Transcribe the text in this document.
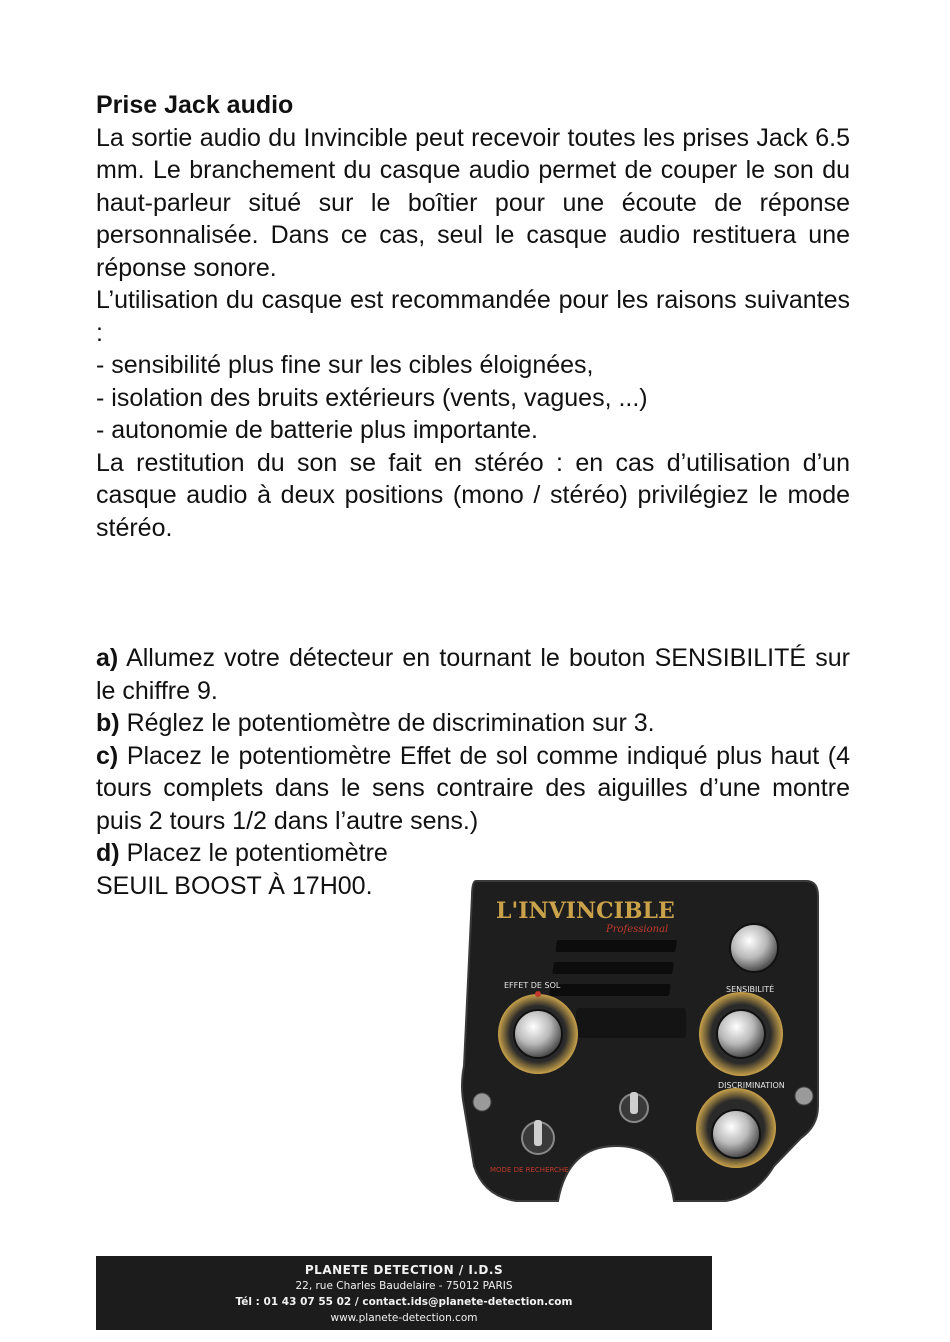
Prise Jack audio
La sortie audio du Invincible peut recevoir toutes les prises Jack 6.5 mm. Le branchement du casque audio permet de couper le son du haut-parleur situé sur le boîtier pour une écoute de réponse personnalisée. Dans ce cas, seul le casque audio restituera une réponse sonore.
L’utilisation du casque est recommandée pour les raisons suivantes :
- sensibilité plus fine sur les cibles éloignées,
- isolation des bruits extérieurs (vents, vagues, ...)
- autonomie de batterie plus importante.
La restitution du son se fait en stéréo : en cas d’utilisation d’un casque audio à deux positions (mono / stéréo) privilégiez le mode stéréo.
a) Allumez votre détecteur en tournant le bouton SENSIBILITÉ sur le chiffre 9.
b) Réglez le potentiomètre de discrimination sur 3.
c) Placez le potentiomètre Effet de sol comme indiqué plus haut (4 tours complets dans le sens contraire des aiguilles d’une montre puis 2 tours 1/2 dans l’autre sens.)
d) Placez le potentiomètre
SEUIL BOOST À 17H00.
L'INVINCIBLE
Professional
EFFET DE SOL	SENSIBILITÉ
DISCRIMINATION
MODE DE RECHERCHE
PLANETE DETECTION / I.D.S
22, rue Charles Baudelaire - 75012 PARIS
Tél : 01 43 07 55 02 / contact.ids@planete-detection.com
www.planete-detection.com
